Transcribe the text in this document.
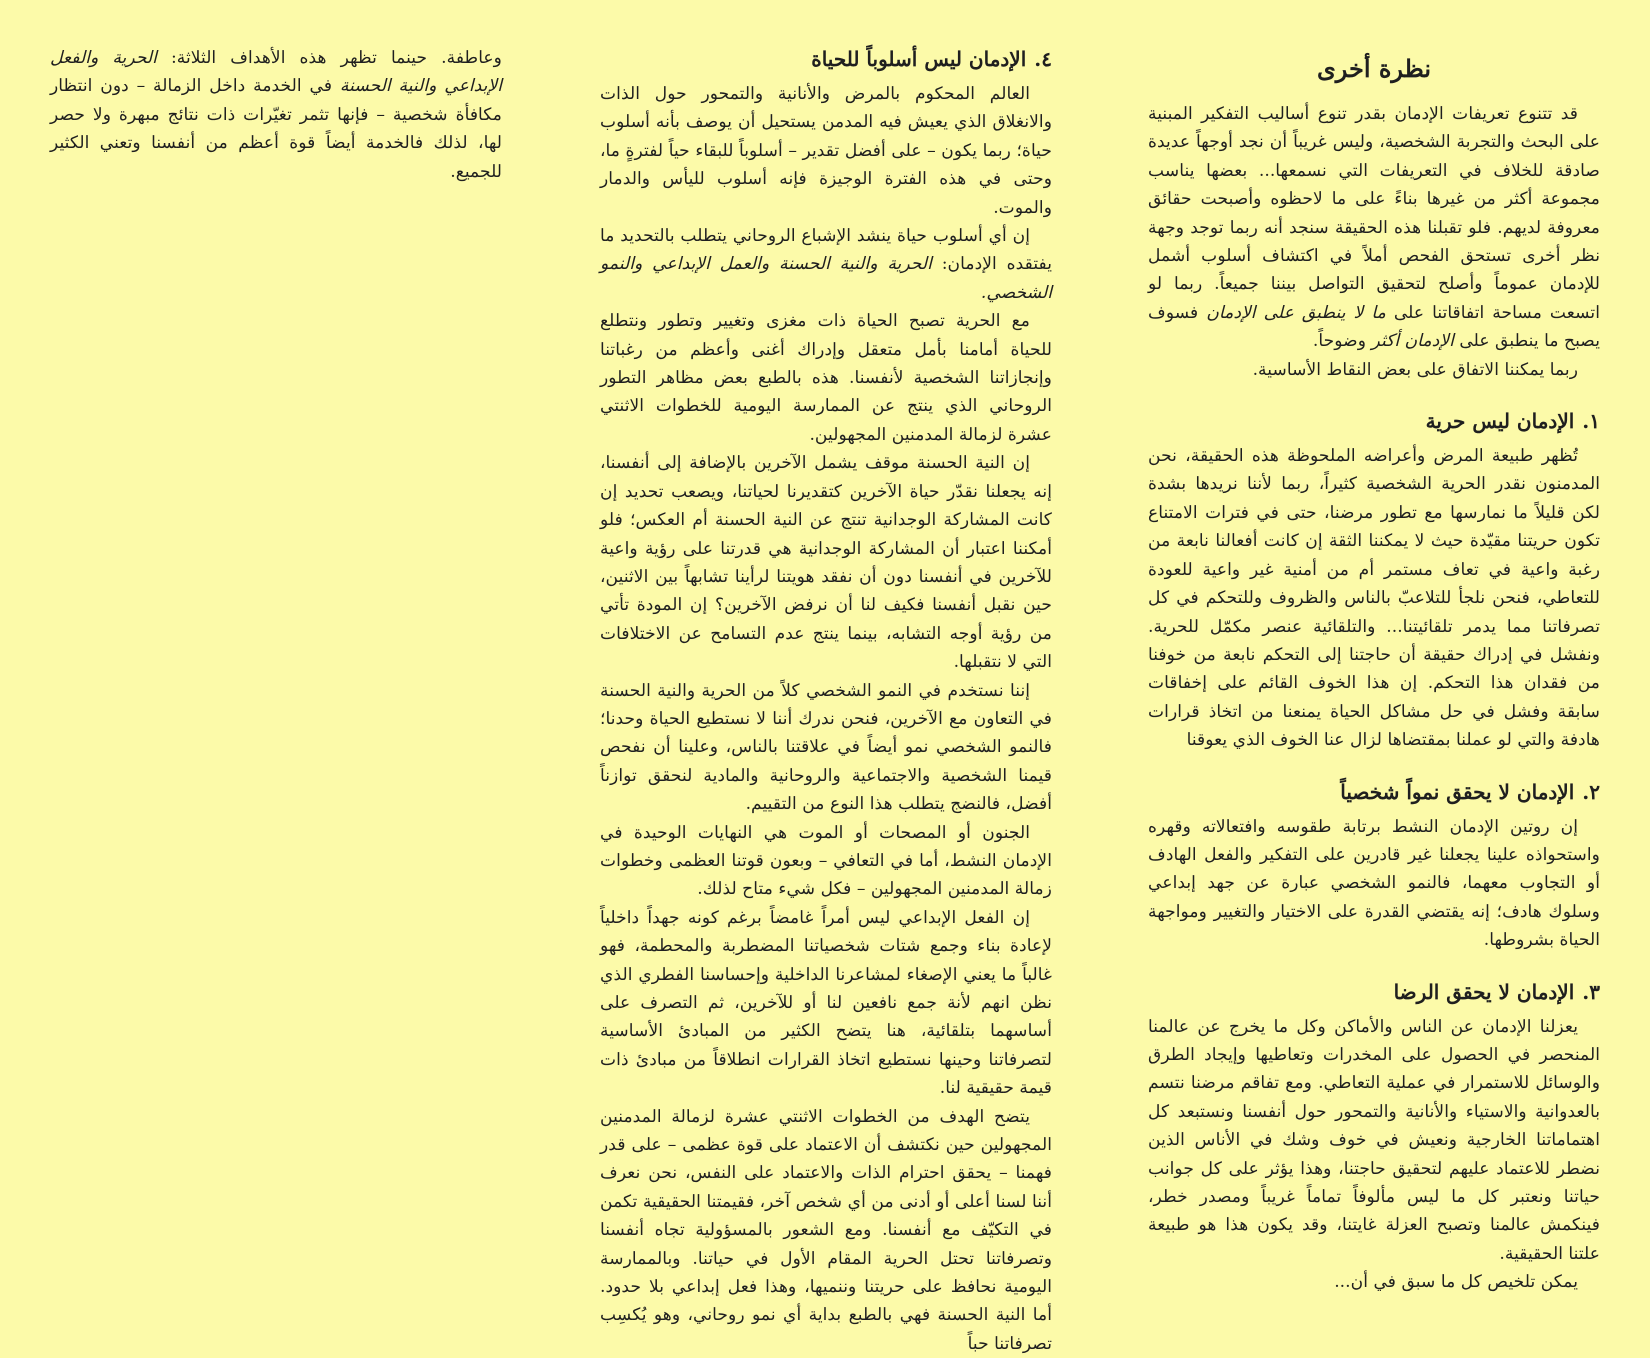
نظرة أخرى

قد تتنوع تعريفات الإدمان بقدر تنوع أساليب التفكير المبنية على البحث والتجربة الشخصية، وليس غريباً أن نجد أوجهاً عديدة صادقة للخلاف في التعريفات التي نسمعها... بعضها يناسب مجموعة أكثر من غيرها بناءً على ما لاحظوه وأصبحت حقائق معروفة لديهم. فلو تقبلنا هذه الحقيقة سنجد أنه ربما توجد وجهة نظر أخرى تستحق الفحص أملاً في اكتشاف أسلوب أشمل للإدمان عموماً وأصلح لتحقيق التواصل بيننا جميعاً. ربما لو اتسعت مساحة اتفاقاتنا على ما لا ينطبق على الإدمان فسوف يصبح ما ينطبق على الإدمان أكثر وضوحاً.

ربما يمكننا الاتفاق على بعض النقاط الأساسية.

١.الإدمان ليس حرية

تُظهر طبيعة المرض وأعراضه الملحوظة هذه الحقيقة، نحن المدمنون نقدر الحرية الشخصية كثيراً، ربما لأننا نريدها بشدة لكن قليلاً ما نمارسها مع تطور مرضنا، حتى في فترات الامتناع تكون حريتنا مقيّدة حيث لا يمكننا الثقة إن كانت أفعالنا نابعة من رغبة واعية في تعاف مستمر أم من أمنية غير واعية للعودة للتعاطي، فنحن نلجأ للتلاعبّ بالناس والظروف وللتحكم في كل تصرفاتنا مما يدمر تلقائيتنا... والتلقائية عنصر مكمّل للحرية. ونفشل في إدراك حقيقة أن حاجتنا إلى التحكم نابعة من خوفنا من فقدان هذا التحكم. إن هذا الخوف القائم على إخفاقات سابقة وفشل في حل مشاكل الحياة يمنعنا من اتخاذ قرارات هادفة والتي لو عملنا بمقتضاها لزال عنا الخوف الذي يعوقنا

٢.الإدمان لا يحقق نمواً شخصياً

إن روتين الإدمان النشط برتابة طقوسه وافتعالاته وقهره واستحواذه علينا يجعلنا غير قادرين على التفكير والفعل الهادف أو التجاوب معهما، فالنمو الشخصي عبارة عن جهد إبداعي وسلوك هادف؛ إنه يقتضي القدرة على الاختيار والتغيير ومواجهة الحياة بشروطها.

٣.الإدمان لا يحقق الرضا

يعزلنا الإدمان عن الناس والأماكن وكل ما يخرج عن عالمنا المنحصر في الحصول على المخدرات وتعاطيها وإيجاد الطرق والوسائل للاستمرار في عملية التعاطي. ومع تفاقم مرضنا نتسم بالعدوانية والاستياء والأنانية والتمحور حول أنفسنا ونستبعد كل اهتماماتنا الخارجية ونعيش في خوف وشك في الأناس الذين نضطر للاعتماد عليهم لتحقيق حاجتنا، وهذا يؤثر على كل جوانب حياتنا ونعتبر كل ما ليس مألوفاً تماماً غريباً ومصدر خطر، فينكمش عالمنا وتصبح العزلة غايتنا، وقد يكون هذا هو طبيعة علتنا الحقيقية.

يمكن تلخيص كل ما سبق في أن...

٤.الإدمان ليس أسلوباً للحياة

العالم المحكوم بالمرض والأنانية والتمحور حول الذات والانغلاق الذي يعيش فيه المدمن يستحيل أن يوصف بأنه أسلوب حياة؛ ربما يكون – على أفضل تقدير – أسلوباً للبقاء حياً لفترةٍ ما، وحتى في هذه الفترة الوجيزة فإنه أسلوب لليأس والدمار والموت.

إن أي أسلوب حياة ينشد الإشباع الروحاني يتطلب بالتحديد ما يفتقده الإدمان: الحرية والنية الحسنة والعمل الإبداعي والنمو الشخصي.

مع الحرية تصبح الحياة ذات مغزى وتغيير وتطور ونتطلع للحياة أمامنا بأمل متعقل وإدراك أغنى وأعظم من رغباتنا وإنجازاتنا الشخصية لأنفسنا. هذه بالطبع بعض مظاهر التطور الروحاني الذي ينتج عن الممارسة اليومية للخطوات الاثنتي عشرة لزمالة المدمنين المجهولين.

إن النية الحسنة موقف يشمل الآخرين بالإضافة إلى أنفسنا، إنه يجعلنا نقدّر حياة الآخرين كتقديرنا لحياتنا، ويصعب تحديد إن كانت المشاركة الوجدانية تنتج عن النية الحسنة أم العكس؛ فلو أمكننا اعتبار أن المشاركة الوجدانية هي قدرتنا على رؤية واعية للآخرين في أنفسنا دون أن نفقد هويتنا لرأينا تشابهاً بين الاثنين، حين نقبل أنفسنا فكيف لنا أن نرفض الآخرين؟ إن المودة تأتي من رؤية أوجه التشابه، بينما ينتج عدم التسامح عن الاختلافات التي لا نتقبلها.

إننا نستخدم في النمو الشخصي كلاً من الحرية والنية الحسنة في التعاون مع الآخرين، فنحن ندرك أننا لا نستطيع الحياة وحدنا؛ فالنمو الشخصي نمو أيضاً في علاقتنا بالناس، وعلينا أن نفحص قيمنا الشخصية والاجتماعية والروحانية والمادية لنحقق توازناً أفضل، فالنضج يتطلب هذا النوع من التقييم.

الجنون أو المصحات أو الموت هي النهايات الوحيدة في الإدمان النشط، أما في التعافي – وبعون قوتنا العظمى وخطوات زمالة المدمنين المجهولين – فكل شيء متاح لذلك.

إن الفعل الإبداعي ليس أمراً غامضاً برغم كونه جهداً داخلياً لإعادة بناء وجمع شتات شخصياتنا المضطربة والمحطمة، فهو غالباً ما يعني الإصغاء لمشاعرنا الداخلية وإحساسنا الفطري الذي نظن انهم لأنة جمع نافعين لنا أو للآخرين، ثم التصرف على أساسهما بتلقائية، هنا يتضح الكثير من المبادئ الأساسية لتصرفاتنا وحينها نستطيع اتخاذ القرارات انطلاقاً من مبادئ ذات قيمة حقيقية لنا.

يتضح الهدف من الخطوات الاثنتي عشرة لزمالة المدمنين المجهولين حين نكتشف أن الاعتماد على قوة عظمى – على قدر فهمنا – يحقق احترام الذات والاعتماد على النفس، نحن نعرف أننا لسنا أعلى أو أدنى من أي شخص آخر، فقيمتنا الحقيقية تكمن في التكيّف مع أنفسنا. ومع الشعور بالمسؤولية تجاه أنفسنا وتصرفاتنا تحتل الحرية المقام الأول في حياتنا. وبالممارسة اليومية نحافظ على حريتنا وننميها، وهذا فعل إبداعي بلا حدود. أما النية الحسنة فهي بالطبع بداية أي نمو روحاني، وهو يُكسِب تصرفاتنا حباً

وعاطفة. حينما تظهر هذه الأهداف الثلاثة: الحرية والفعل الإبداعي والنية الحسنة في الخدمة داخل الزمالة – دون انتظار مكافأة شخصية – فإنها تثمر تغيّرات ذات نتائج مبهرة ولا حصر لها، لذلك فالخدمة أيضاً قوة أعظم من أنفسنا وتعني الكثير للجميع.
